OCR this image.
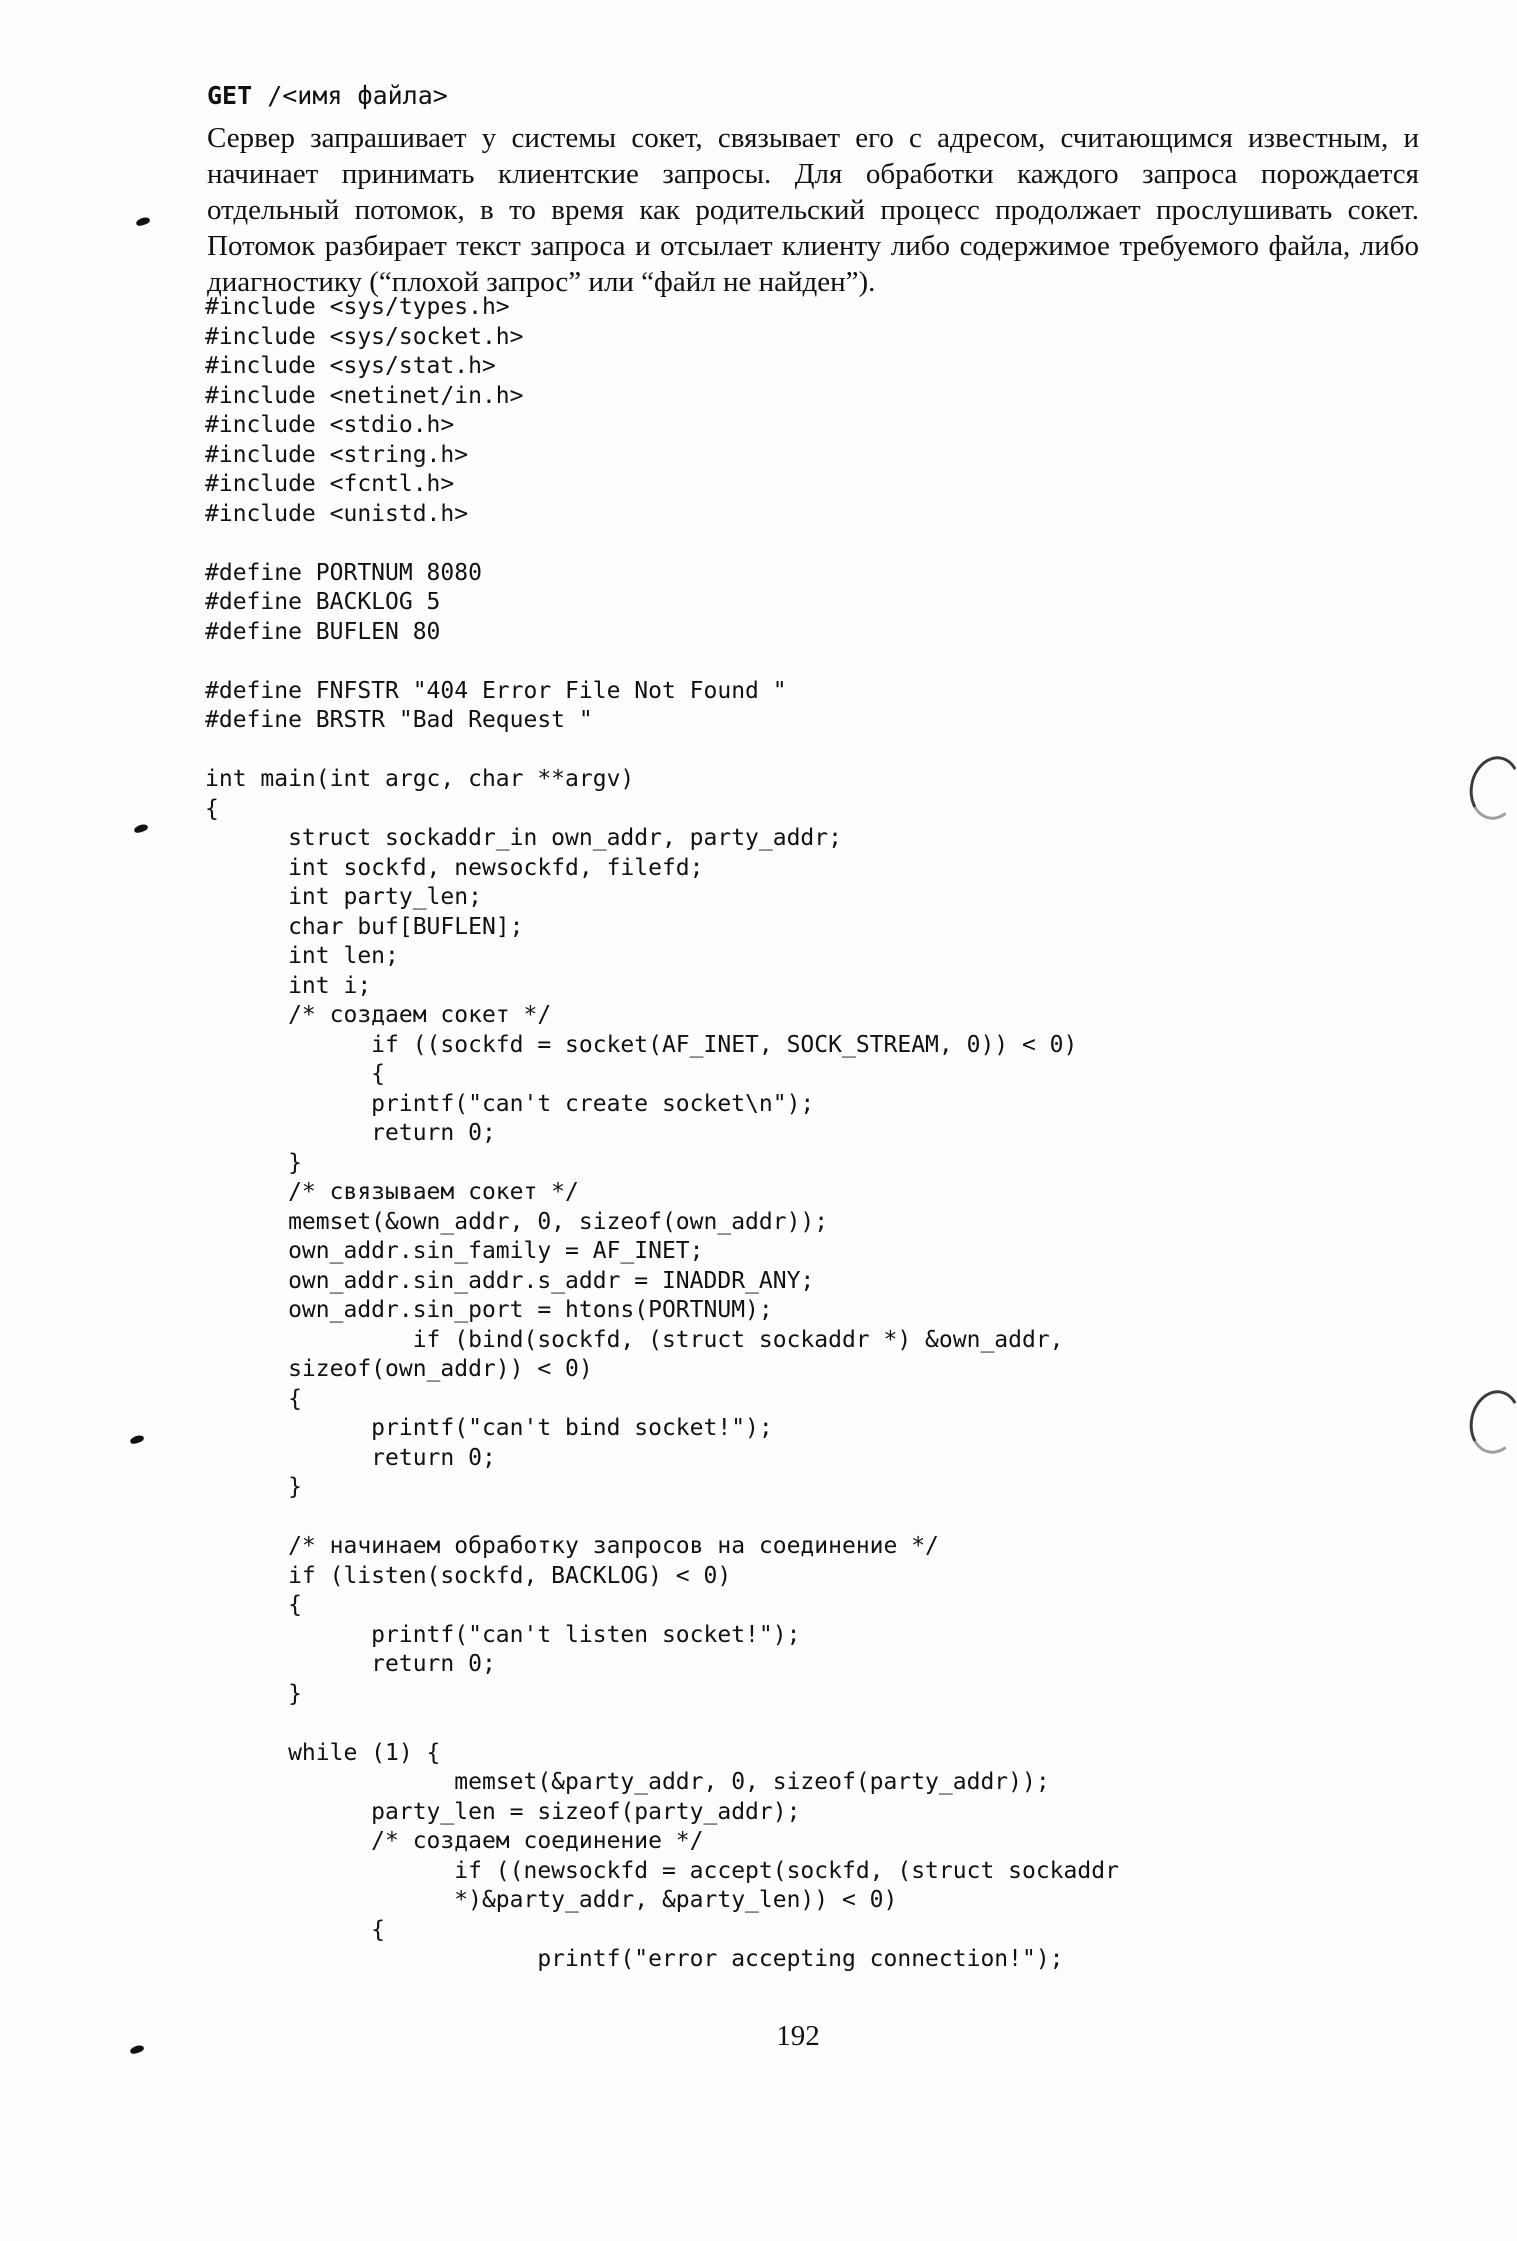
GET /<имя файла>
Сервер запрашивает у системы сокет, связывает его с адресом, считающимся известным, и начинает принимать клиентские запросы. Для обработки каждого запроса порождается отдельный потомок, в то время как родительский процесс продолжает прослушивать сокет. Потомок разбирает текст запроса и отсылает клиенту либо содержимое требуемого файла, либо диагностику (“плохой запрос” или “файл не найден”).
#include <sys/types.h>
#include <sys/socket.h>
#include <sys/stat.h>
#include <netinet/in.h>
#include <stdio.h>
#include <string.h>
#include <fcntl.h>
#include <unistd.h>

#define PORTNUM 8080
#define BACKLOG 5
#define BUFLEN 80

#define FNFSTR "404 Error File Not Found "
#define BRSTR "Bad Request "

int main(int argc, char **argv)
{
struct sockaddr_in own_addr, party_addr;
int sockfd, newsockfd, filefd;
int party_len;
char buf[BUFLEN];
int len;
int i;
/* создаем сокет */
if ((sockfd = socket(AF_INET, SOCK_STREAM, 0)) < 0)
{
printf("can't create socket\n");
return 0;
}
/* связываем сокет */
memset(&own_addr, 0, sizeof(own_addr));
own_addr.sin_family = AF_INET;
own_addr.sin_addr.s_addr = INADDR_ANY;
own_addr.sin_port = htons(PORTNUM);
if (bind(sockfd, (struct sockaddr *) &own_addr,
sizeof(own_addr)) < 0)
{
printf("can't bind socket!");
return 0;
}

/* начинаем обработку запросов на соединение */
if (listen(sockfd, BACKLOG) < 0)
{
printf("can't listen socket!");
return 0;
}

while (1) {
memset(&party_addr, 0, sizeof(party_addr));
party_len = sizeof(party_addr);
/* создаем соединение */
if ((newsockfd = accept(sockfd, (struct sockaddr
*)&party_addr, &party_len)) < 0)
{
printf("error accepting connection!");
192
